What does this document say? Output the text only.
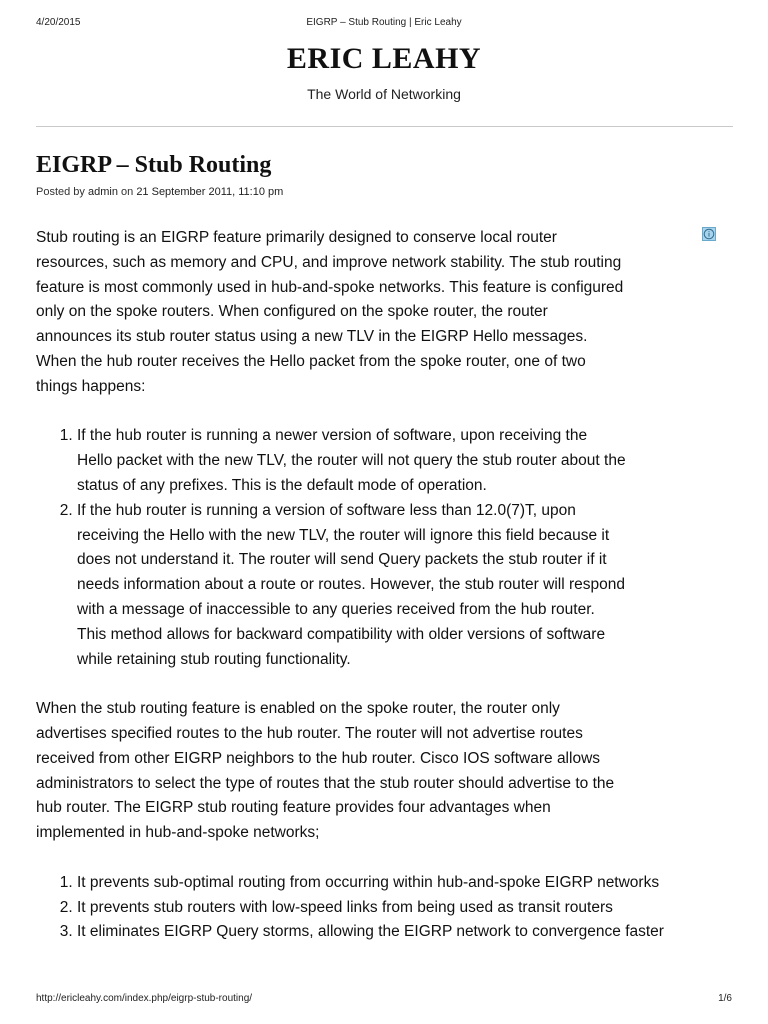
4/20/2015	EIGRP – Stub Routing | Eric Leahy
ERIC LEAHY
The World of Networking
EIGRP – Stub Routing
Posted by admin on 21 September 2011, 11:10 pm

Stub routing is an EIGRP feature primarily designed to conserve local router resources, such as memory and CPU, and improve network stability. The stub routing feature is most commonly used in hub-and-spoke networks. This feature is configured only on the spoke routers. When configured on the spoke router, the router announces its stub router status using a new TLV in the EIGRP Hello messages. When the hub router receives the Hello packet from the spoke router, one of two things happens:

1. If the hub router is running a newer version of software, upon receiving the Hello packet with the new TLV, the router will not query the stub router about the status of any prefixes. This is the default mode of operation.
2. If the hub router is running a version of software less than 12.0(7)T, upon receiving the Hello with the new TLV, the router will ignore this field because it does not understand it. The router will send Query packets the stub router if it needs information about a route or routes. However, the stub router will respond with a message of inaccessible to any queries received from the hub router. This method allows for backward compatibility with older versions of software while retaining stub routing functionality.

When the stub routing feature is enabled on the spoke router, the router only advertises specified routes to the hub router. The router will not advertise routes received from other EIGRP neighbors to the hub router. Cisco IOS software allows administrators to select the type of routes that the stub router should advertise to the hub router. The EIGRP stub routing feature provides four advantages when implemented in hub-and-spoke networks;

1. It prevents sub-optimal routing from occurring within hub-and-spoke EIGRP networks
2. It prevents stub routers with low-speed links from being used as transit routers
3. It eliminates EIGRP Query storms, allowing the EIGRP network to convergence faster
http://ericleahy.com/index.php/eigrp-stub-routing/	1/6
